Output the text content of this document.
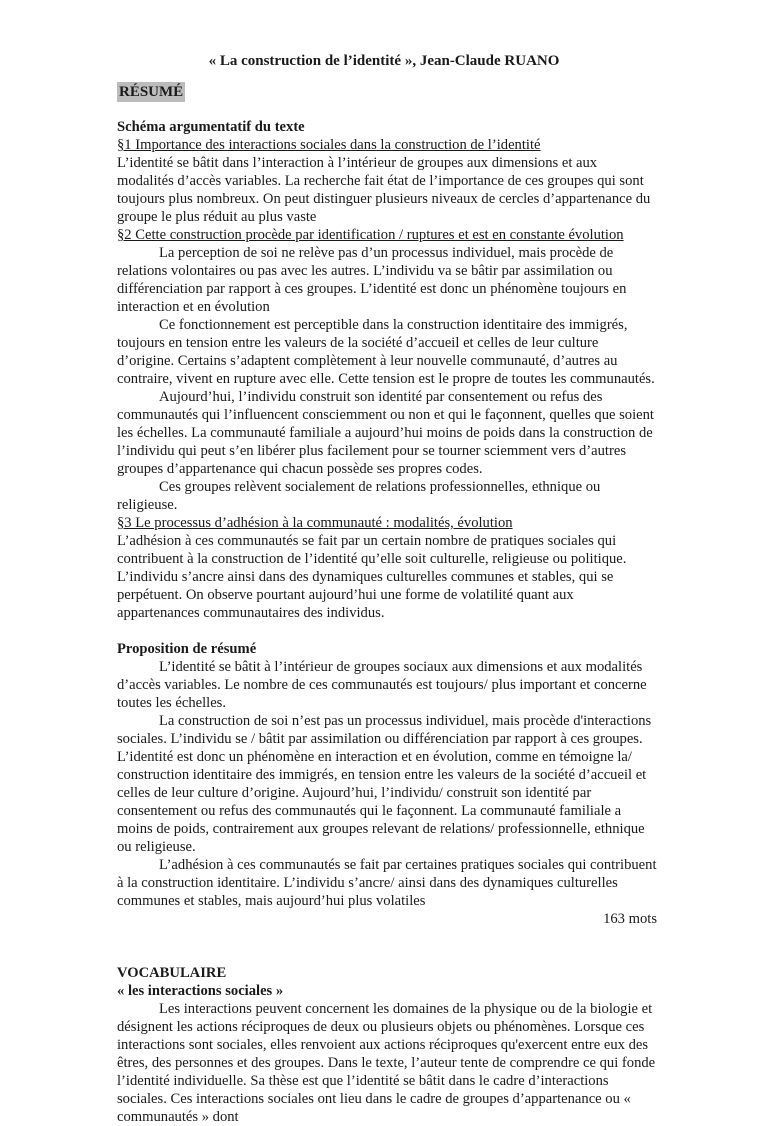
« La construction de l’identité », Jean-Claude RUANO
RÉSUMÉ

Schéma argumentatif du texte

§1 Importance des interactions sociales dans la construction de l’identité

L’identité se bâtit dans l’interaction à l’intérieur de groupes aux dimensions et aux modalités d’accès variables. La recherche fait état de l’importance de ces groupes qui sont toujours plus nombreux. On peut distinguer plusieurs niveaux de cercles d’appartenance du groupe le plus réduit au plus vaste

§2 Cette construction procède par identification / ruptures et est en constante évolution

La perception de soi ne relève pas d’un processus individuel, mais procède de relations volontaires ou pas avec les autres. L’individu va se bâtir par assimilation ou différenciation par rapport à ces groupes. L’identité est donc un phénomène toujours en interaction et en évolution

Ce fonctionnement est perceptible dans la construction identitaire des immigrés, toujours en tension entre les valeurs de la société d’accueil et celles de leur culture d’origine. Certains s’adaptent complètement à leur nouvelle communauté, d’autres au contraire, vivent en rupture avec elle. Cette tension est le propre de toutes les communautés.

Aujourd’hui, l’individu construit son identité par consentement ou refus des communautés qui l’influencent consciemment ou non et qui le façonnent, quelles que soient les échelles. La communauté familiale a aujourd’hui moins de poids dans la construction de l’individu qui peut s’en libérer plus facilement pour se tourner sciemment vers d’autres groupes d’appartenance qui chacun possède ses propres codes.

Ces groupes relèvent socialement de relations professionnelles, ethnique ou religieuse.

§3 Le processus d’adhésion à la communauté : modalités, évolution

L’adhésion à ces communautés se fait par un certain nombre de pratiques sociales qui contribuent à la construction de l’identité qu’elle soit culturelle, religieuse ou politique. L’individu s’ancre ainsi dans des dynamiques culturelles communes et stables, qui se perpétuent. On observe pourtant aujourd’hui une forme de volatilité quant aux appartenances communautaires des individus.

Proposition de résumé

L’identité se bâtit à l’intérieur de groupes sociaux aux dimensions et aux modalités d’accès variables. Le nombre de ces communautés est toujours/ plus important et concerne toutes les échelles.

La construction de soi n’est pas un processus individuel, mais procède d'interactions sociales. L’individu se / bâtit par assimilation ou différenciation par rapport à ces groupes. L’identité est donc un phénomène en interaction et en évolution, comme en témoigne la/ construction identitaire des immigrés, en tension entre les valeurs de la société d’accueil et celles de leur culture d’origine. Aujourd’hui, l’individu/ construit son identité par consentement ou refus des communautés qui le façonnent. La communauté familiale a moins de poids, contrairement aux groupes relevant de relations/ professionnelle, ethnique ou religieuse.

L’adhésion à ces communautés se fait par certaines pratiques sociales qui contribuent à la construction identitaire. L’individu s’ancre/ ainsi dans des dynamiques culturelles communes et stables, mais aujourd’hui plus volatiles

163 mots

VOCABULAIRE

« les interactions sociales »

Les interactions peuvent concernent les domaines de la physique ou de la biologie et désignent les actions réciproques de deux ou plusieurs objets ou phénomènes. Lorsque ces interactions sont sociales, elles renvoient aux actions réciproques qu'exercent entre eux des êtres, des personnes et des groupes. Dans le texte, l’auteur tente de comprendre ce qui fonde l’identité individuelle. Sa thèse est que l’identité se bâtit dans le cadre d’interactions sociales. Ces interactions sociales ont lieu dans le cadre de groupes d’appartenance ou « communautés » dont
